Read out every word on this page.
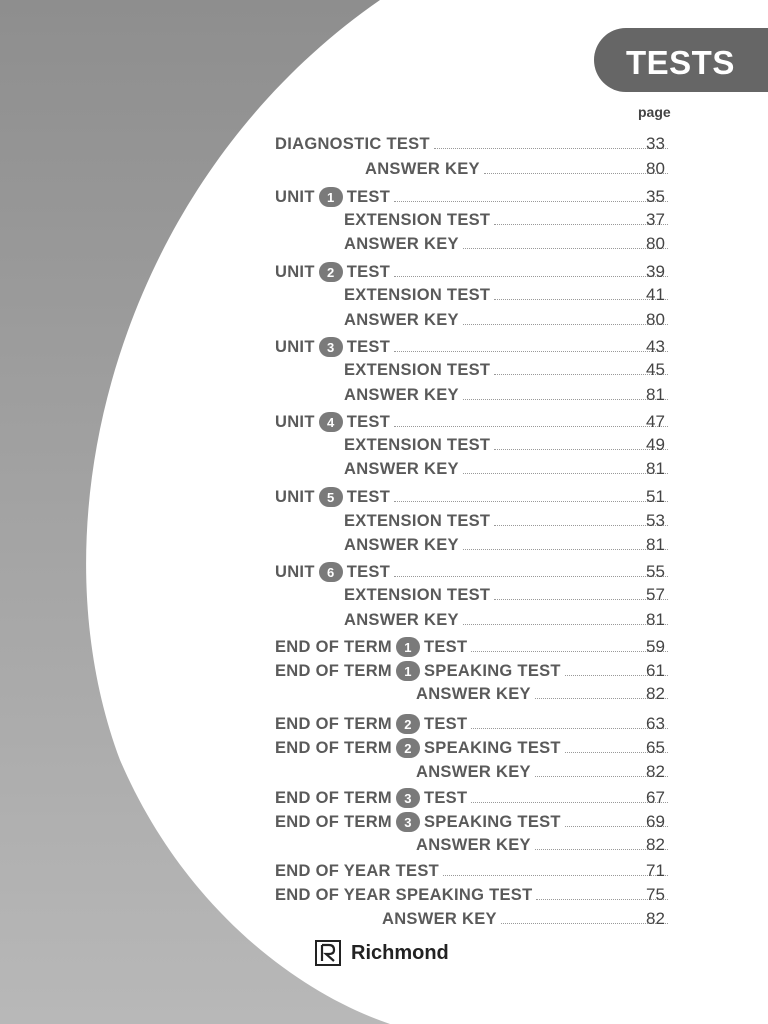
TESTS
page
DIAGNOSTIC TEST	33
ANSWER KEY	80
UNIT 1 TEST	35
EXTENSION TEST	37
ANSWER KEY	80
UNIT 2 TEST	39
EXTENSION TEST	41
ANSWER KEY	80
UNIT 3 TEST	43
EXTENSION TEST	45
ANSWER KEY	81
UNIT 4 TEST	47
EXTENSION TEST	49
ANSWER KEY	81
UNIT 5 TEST	51
EXTENSION TEST	53
ANSWER KEY	81
UNIT 6 TEST	55
EXTENSION TEST	57
ANSWER KEY	81
END OF TERM 1 TEST	59
END OF TERM 1 SPEAKING TEST	61
ANSWER KEY	82
END OF TERM 2 TEST	63
END OF TERM 2 SPEAKING TEST	65
ANSWER KEY	82
END OF TERM 3 TEST	67
END OF TERM 3 SPEAKING TEST	69
ANSWER KEY	82
END OF YEAR TEST	71
END OF YEAR SPEAKING TEST	75
ANSWER KEY	82
Richmond
